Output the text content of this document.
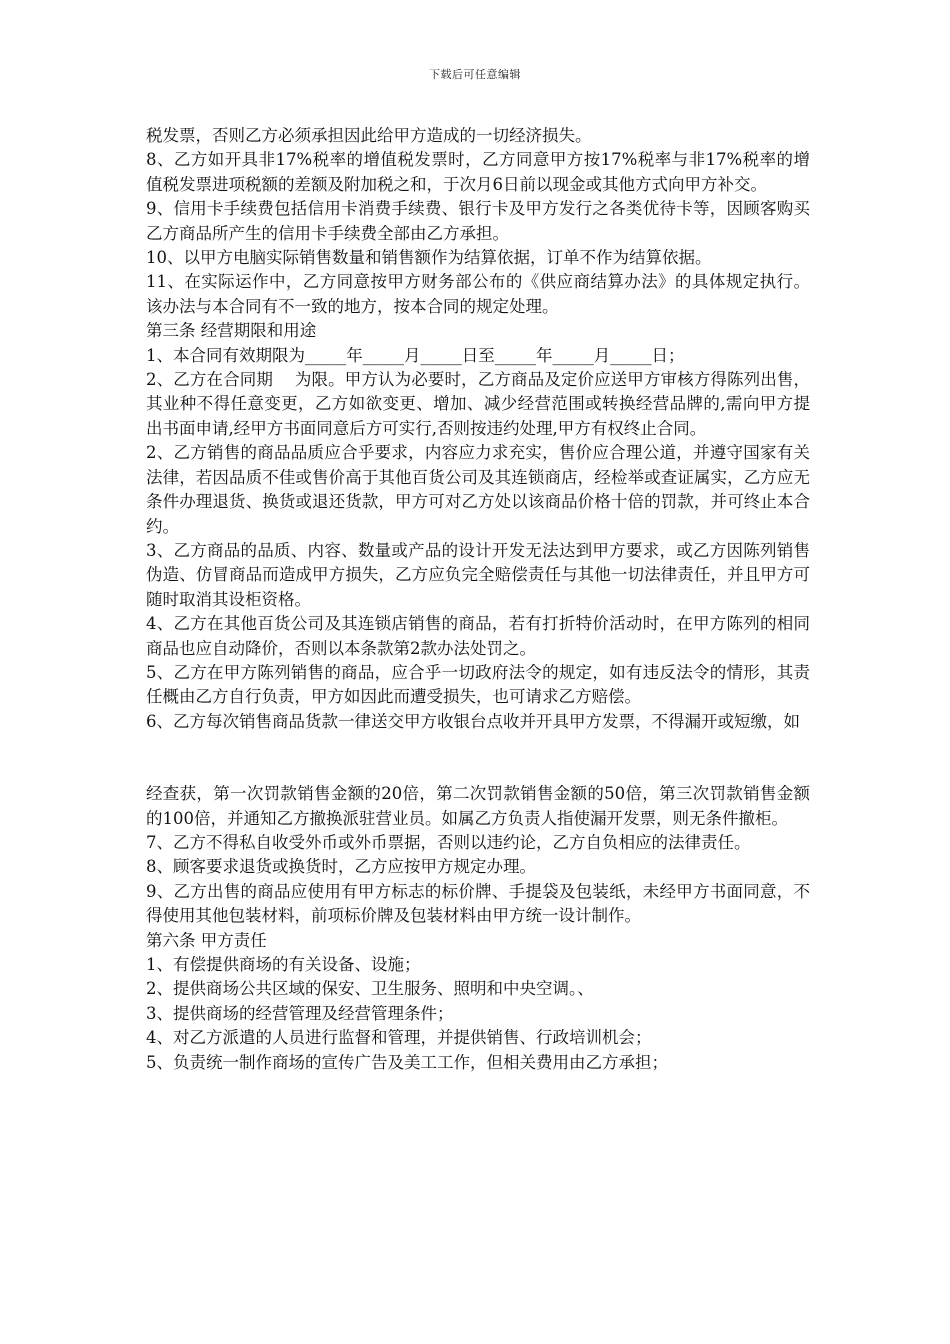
下载后可任意编辑

税发票，否则乙方必须承担因此给甲方造成的一切经济损失。

8、乙方如开具非17%税率的增值税发票时，乙方同意甲方按17%税率与非17%税率的增值税发票进项税额的差额及附加税之和，于次月6日前以现金或其他方式向甲方补交。

9、信用卡手续费包括信用卡消费手续费、银行卡及甲方发行之各类优待卡等，因顾客购买乙方商品所产生的信用卡手续费全部由乙方承担。

10、以甲方电脑实际销售数量和销售额作为结算依据，订单不作为结算依据。

11、在实际运作中，乙方同意按甲方财务部公布的《供应商结算办法》的具体规定执行。该办法与本合同有不一致的地方，按本合同的规定处理。

第三条 经营期限和用途

1、本合同有效期限为_____年_____月_____日至_____年_____月_____日；

2、乙方在合同期　 为限。甲方认为必要时，乙方商品及定价应送甲方审核方得陈列出售，其业种不得任意变更，乙方如欲变更、增加、减少经营范围或转换经营品牌的,需向甲方提出书面申请,经甲方书面同意后方可实行,否则按违约处理,甲方有权终止合同。

2、乙方销售的商品品质应合乎要求，内容应力求充实，售价应合理公道，并遵守国家有关法律，若因品质不佳或售价高于其他百货公司及其连锁商店，经检举或查证属实，乙方应无条件办理退货、换货或退还货款，甲方可对乙方处以该商品价格十倍的罚款，并可终止本合约。

3、乙方商品的品质、内容、数量或产品的设计开发无法达到甲方要求，或乙方因陈列销售伪造、仿冒商品而造成甲方损失，乙方应负完全赔偿责任与其他一切法律责任，并且甲方可随时取消其设柜资格。

4、乙方在其他百货公司及其连锁店销售的商品，若有打折特价活动时，在甲方陈列的相同商品也应自动降价，否则以本条款第2款办法处罚之。

5、乙方在甲方陈列销售的商品，应合乎一切政府法令的规定，如有违反法令的情形，其责任概由乙方自行负责，甲方如因此而遭受损失，也可请求乙方赔偿。

6、乙方每次销售商品货款一律送交甲方收银台点收并开具甲方发票，不得漏开或短缴，如

经查获，第一次罚款销售金额的20倍，第二次罚款销售金额的50倍，第三次罚款销售金额的100倍，并通知乙方撤换派驻营业员。如属乙方负责人指使漏开发票，则无条件撤柜。

7、乙方不得私自收受外币或外币票据，否则以违约论，乙方自负相应的法律责任。

8、顾客要求退货或换货时，乙方应按甲方规定办理。

9、乙方出售的商品应使用有甲方标志的标价牌、手提袋及包装纸，未经甲方书面同意，不得使用其他包装材料，前项标价牌及包装材料由甲方统一设计制作。

第六条 甲方责任

1、有偿提供商场的有关设备、设施；

2、提供商场公共区域的保安、卫生服务、照明和中央空调。、

3、提供商场的经营管理及经营管理条件；

4、对乙方派遣的人员进行监督和管理，并提供销售、行政培训机会；

5、负责统一制作商场的宣传广告及美工工作，但相关费用由乙方承担；
